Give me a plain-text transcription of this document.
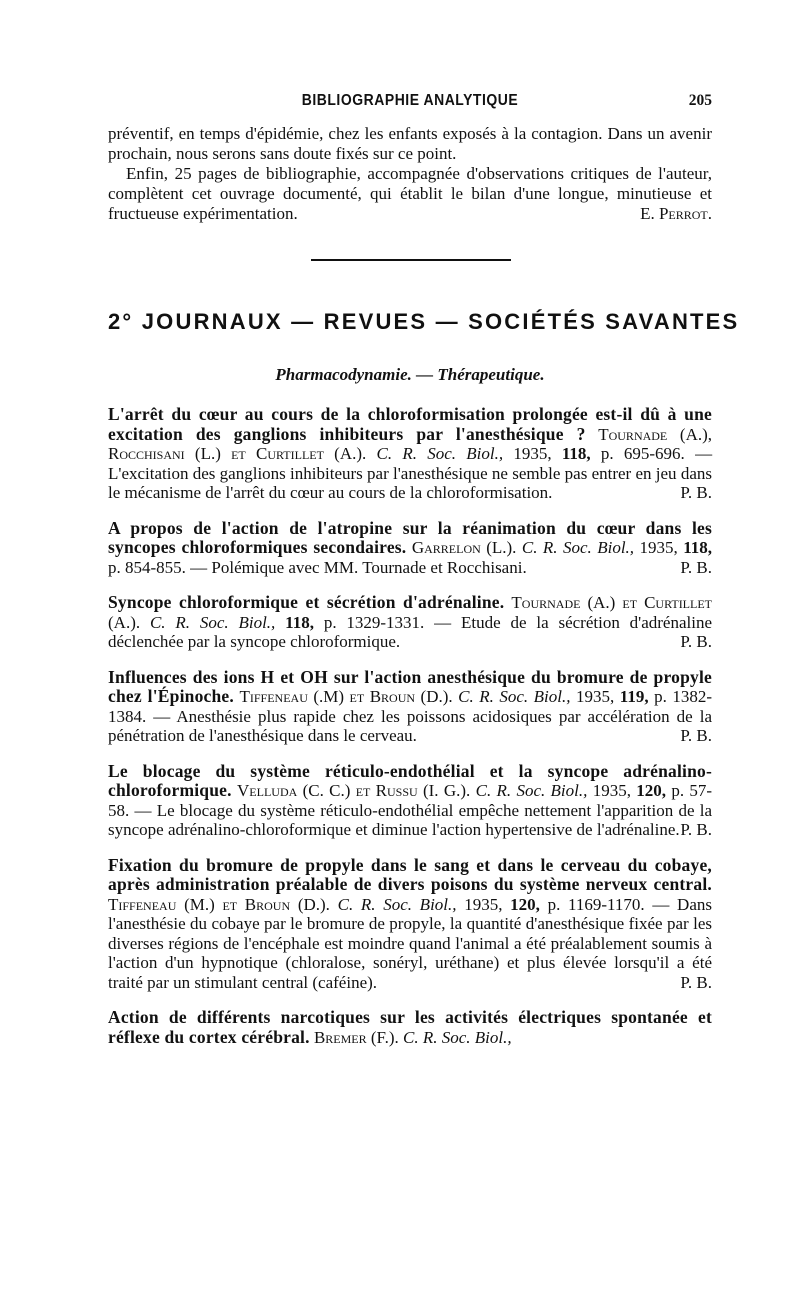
BIBLIOGRAPHIE ANALYTIQUE	205

préventif, en temps d'épidémie, chez les enfants exposés à la contagion. Dans un avenir prochain, nous serons sans doute fixés sur ce point.

Enfin, 25 pages de bibliographie, accompagnée d'observations critiques de l'auteur, complètent cet ouvrage documenté, qui établit le bilan d'une longue, minutieuse et fructueuse expérimentation.	E. Perrot.

2° JOURNAUX — REVUES — SOCIÉTÉS SAVANTES
Pharmacodynamie. — Thérapeutique.
L'arrêt du cœur au cours de la chloroformisation prolongée est-il dû à une excitation des ganglions inhibiteurs par l'anesthésique ? Tournade (A.), Rocchisani (L.) et Curtillet (A.). C. R. Soc. Biol., 1935, 118, p. 695-696. — L'excitation des ganglions inhibiteurs par l'anesthésique ne semble pas entrer en jeu dans le mécanisme de l'arrêt du cœur au cours de la chloroformisation.	P. B.
A propos de l'action de l'atropine sur la réanimation du cœur dans les syncopes chloroformiques secondaires. Garrelon (L.). C. R. Soc. Biol., 1935, 118, p. 854-855. — Polémique avec MM. Tournade et Rocchisani.	P. B.
Syncope chloroformique et sécrétion d'adrénaline. Tournade (A.) et Curtillet (A.). C. R. Soc. Biol., 118, p. 1329-1331. — Etude de la sécrétion d'adrénaline déclenchée par la syncope chloroformique.	P. B.
Influences des ions H et OH sur l'action anesthésique du bromure de propyle chez l'Épinoche. Tiffeneau (.M) et Broun (D.). C. R. Soc. Biol., 1935, 119, p. 1382-1384. — Anesthésie plus rapide chez les poissons acidosiques par accélération de la pénétration de l'anesthésique dans le cerveau.	P. B.
Le blocage du système réticulo-endothélial et la syncope adrénalino-chloroformique. Velluda (C. C.) et Russu (I. G.). C. R. Soc. Biol., 1935, 120, p. 57-58. — Le blocage du système réticulo-endothélial empêche nettement l'apparition de la syncope adrénalino-chloroformique et diminue l'action hypertensive de l'adrénaline. P. B.
Fixation du bromure de propyle dans le sang et dans le cerveau du cobaye, après administration préalable de divers poisons du système nerveux central. Tiffeneau (M.) et Broun (D.). C. R. Soc. Biol., 1935, 120, p. 1169-1170. — Dans l'anesthésie du cobaye par le bromure de propyle, la quantité d'anesthésique fixée par les diverses régions de l'encéphale est moindre quand l'animal a été préalablement soumis à l'action d'un hypnotique (chloralose, sonéryl, uréthane) et plus élevée lorsqu'il a été traité par un stimulant central (caféine).	P. B.
Action de différents narcotiques sur les activités électriques spontanée et réflexe du cortex cérébral. Bremer (F.). C. R. Soc. Biol.,
